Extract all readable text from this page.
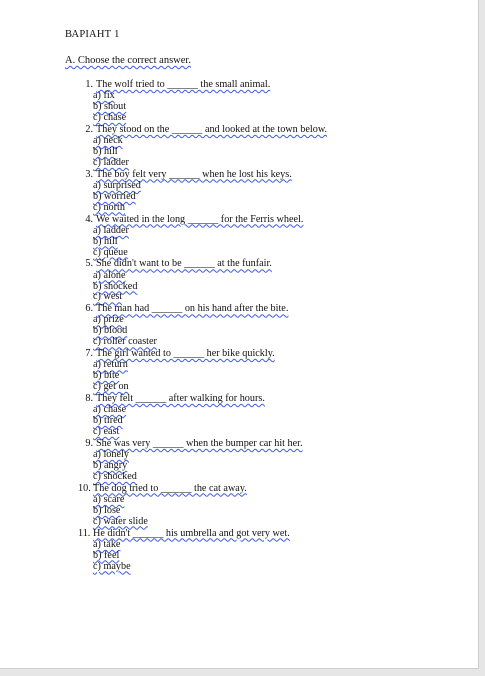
ВАРІАНТ 1
A. Choose the correct answer.
1. The wolf tried to ______ the small animal.
a) fix
b) shout
c) chase
2. They stood on the ______ and looked at the town below.
a) neck
b) hill
c) ladder
3. The boy felt very ______ when he lost his keys.
a) surprised
b) worried
c) north
4. We waited in the long ______ for the Ferris wheel.
a) ladder
b) hill
c) queue
5. She didn't want to be ______ at the funfair.
a) alone
b) shocked
c) west
6. The man had ______ on his hand after the bite.
a) prize
b) blood
c) roller coaster
7. The girl wanted to ______ her bike quickly.
a) return
b) bite
c) get on
8. They felt ______ after walking for hours.
a) chase
b) tired
c) east
9. She was very ______ when the bumper car hit her.
a) lonely
b) angry
c) shocked
10. The dog tried to ______ the cat away.
a) scare
b) lose
c) water slide
11. He didn't ______ his umbrella and got very wet.
a) take
b) feel
c) maybe
